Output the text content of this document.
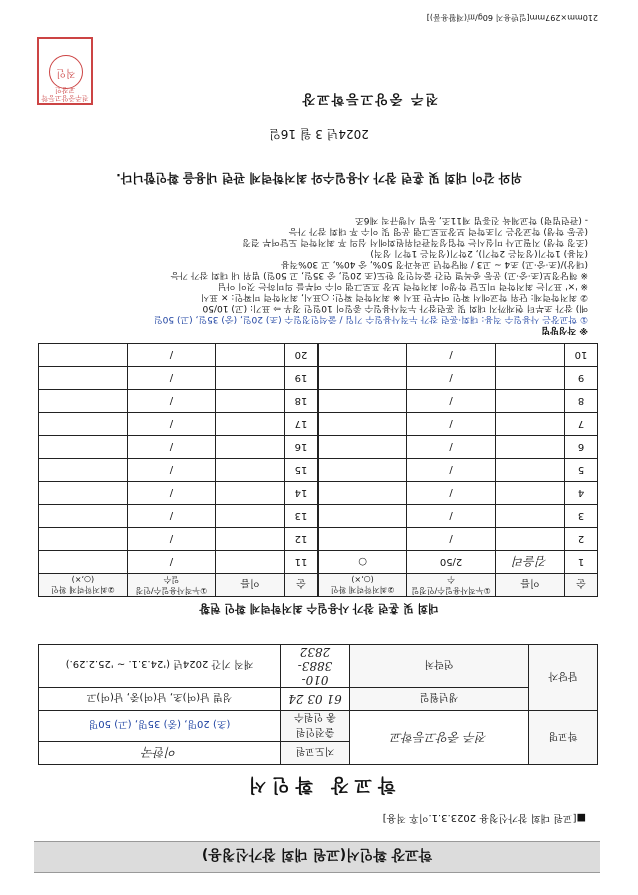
학교장 확인서(교원 대회 참가신청용)
■[교원 대회 참가신청용 2023.3.1.이후 적용]
학교장 확인서
학교명	전주 중앙고등학교	지도교원	이한국
		출전인원
총 인원수	(초) 20명, (중) 35명, (고) 50명
담당자	생년월일	61 03 24	성별 남(여)초, 남(여)중, 남(여)고
	연락처	010-3883-2832	재직 기간 2024년 ('24.3.1. ~ '25.2.29.)
대회 및 훈련 참가 사용일수 최저학력제 확인 현황
순	이름	①누적사용일수/인정일수	②최저학력제 확인(○,×)
1	김을리	2/50	○
2		/	
3		/	
4		/	
5		/	
6		/	
7		/	
8		/	
9		/	
10		/	
순	이름	①누적사용일수/인정일수	②최저학력제 확인(○,×)
11		/	
12		/	
13		/	
14		/	
15		/	
16		/	
17		/	
18		/	
19		/	
20		/	
※ 작성방법
① 학교장은 사용일수 적용: 대회·훈련 참가 누적사용일수 기입 / 출석인정일수 (초) 20일, (중) 35일, (고) 50일
예) 참가 초부터 현재까지 대회 및 훈련참가 누적사용일수 총일이 10일인 경우 ⇨ 표기: (고) 10/50
② 최저학력제: 단위 학교에서 확인 여부만 표시 ※ 최저학력 확인: ○표시, 최저학력 미확인: × 표시
※ '×' 표기는 최저학력 미도달 학생이 최저학력 보장 프로그램 이수 여부를 의미하는 것이 아님
※ 해당정보(초·중·고) 운동 종목별 연간 출석인정 한도(초 20일, 중 35일, 고 50일) 범위 내 대회 참가 가능
(대상)/(초·중·고) 초4 ~ 고3 / 해당학년 교육과정 50%, 중 40%, 고 30%적용
(적용) 1학기(성적은 2학기), 2학기(성적은 1학기 성적)
(조정 학생) 지필고사 미실시는 학업성적관리위원회에서 심의 후 최저학력 도달여부 결정
(운동 학생) 학교장은 기초학력 보장프로그램 운영 및 이수 후 대회 참가 가능
- (관련법령) 학교체육 진흥법 제11조, 동법 시행규칙 제6조
위와 같이 대회 및 훈련 참가 사용일수와 최저학력제 관련 내용을 확인합니다.
2024년 3 월 16일
전주 중앙고등학교장
전주중앙고등학교장인
직인
210mm×297mm[일반용지 60g/㎡(재활용품)]
